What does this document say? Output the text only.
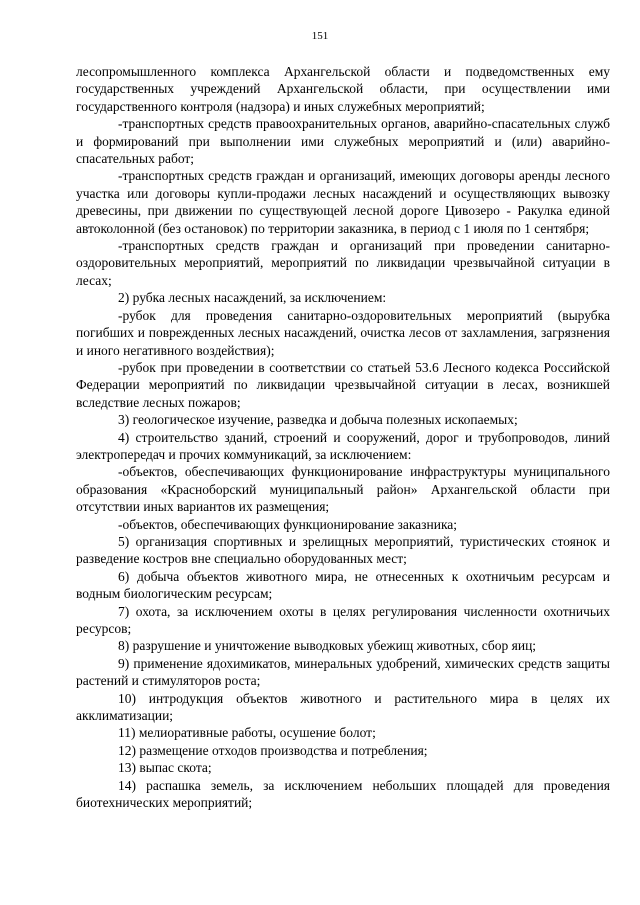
151

лесопромышленного комплекса Архангельской области и подведомственных ему государственных учреждений Архангельской области, при осуществлении ими государственного контроля (надзора) и иных служебных мероприятий;

-транспортных средств правоохранительных органов, аварийно-спасательных служб и формирований при выполнении ими служебных мероприятий и (или) аварийно-спасательных работ;

-транспортных средств граждан и организаций, имеющих договоры аренды лесного участка или договоры купли-продажи лесных насаждений и осуществляющих вывозку древесины, при движении по существующей лесной дороге Цивозеро - Ракулка единой автоколонной (без остановок) по территории заказника, в период с 1 июля по 1 сентября;

-транспортных средств граждан и организаций при проведении санитарно-оздоровительных мероприятий, мероприятий по ликвидации чрезвычайной ситуации в лесах;

2) рубка лесных насаждений, за исключением:

-рубок для проведения санитарно-оздоровительных мероприятий (вырубка погибших и поврежденных лесных насаждений, очистка лесов от захламления, загрязнения и иного негативного воздействия);

-рубок при проведении в соответствии со статьей 53.6 Лесного кодекса Российской Федерации мероприятий по ликвидации чрезвычайной ситуации в лесах, возникшей вследствие лесных пожаров;

3) геологическое изучение, разведка и добыча полезных ископаемых;

4) строительство зданий, строений и сооружений, дорог и трубопроводов, линий электропередач и прочих коммуникаций, за исключением:

-объектов, обеспечивающих функционирование инфраструктуры муниципального образования «Красноборский муниципальный район» Архангельской области при отсутствии иных вариантов их размещения;

-объектов, обеспечивающих функционирование заказника;

5) организация спортивных и зрелищных мероприятий, туристических стоянок и разведение костров вне специально оборудованных мест;

6) добыча объектов животного мира, не отнесенных к охотничьим ресурсам и водным биологическим ресурсам;

7) охота, за исключением охоты в целях регулирования численности охотничьих ресурсов;

8) разрушение и уничтожение выводковых убежищ животных, сбор яиц;

9) применение ядохимикатов, минеральных удобрений, химических средств защиты растений и стимуляторов роста;

10) интродукция объектов животного и растительного мира в целях их акклиматизации;

11) мелиоративные работы, осушение болот;

12) размещение отходов производства и потребления;

13) выпас скота;

14) распашка земель, за исключением небольших площадей для проведения биотехнических мероприятий;
